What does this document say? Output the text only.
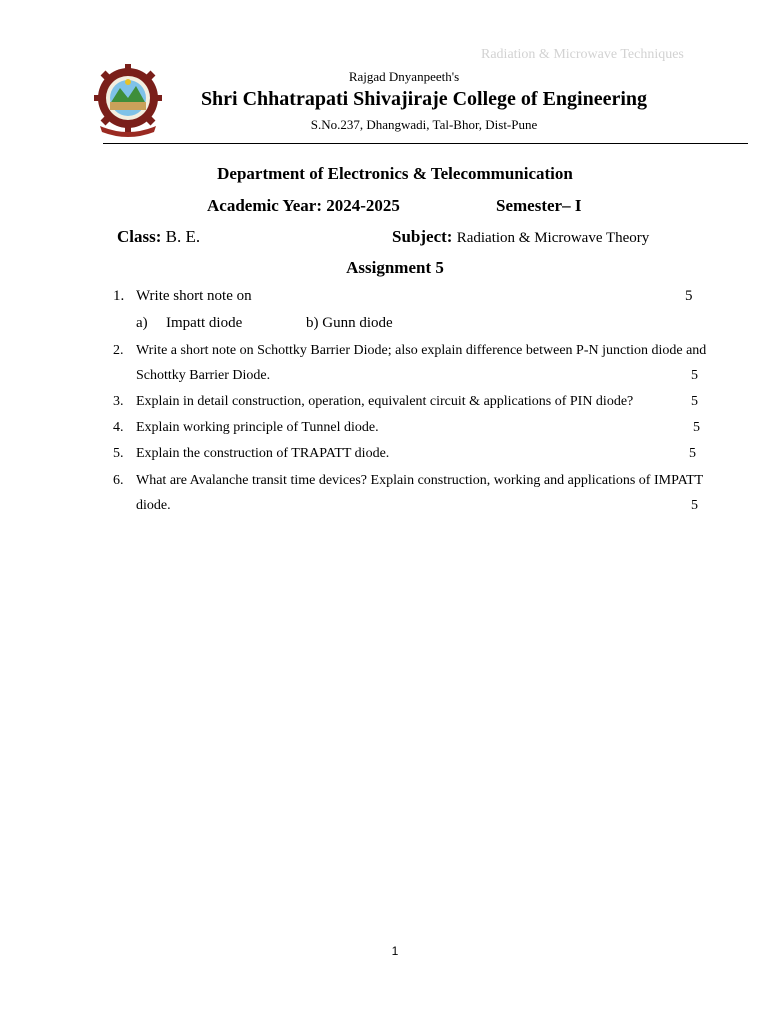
Radiation & Microwave Techniques
Rajgad Dnyanpeeth's
Shri Chhatrapati Shivajiraje College of Engineering
S.No.237, Dhangwadi, Tal-Bhor, Dist-Pune
Department of Electronics & Telecommunication
Academic Year: 2024-2025	Semester– I
Class: B. E.	Subject: Radiation & Microwave Theory
Assignment 5
1. Write short note on	5
a) Impatt diode	b) Gunn diode
2. Write a short note on Schottky Barrier Diode; also explain difference between P-N junction diode and
Schottky Barrier Diode.	5
3. Explain in detail construction, operation, equivalent circuit & applications of PIN diode?	5
4. Explain working principle of Tunnel diode.	5
5. Explain the construction of TRAPATT diode.	5
6. What are Avalanche transit time devices? Explain construction, working and applications of IMPATT
diode.	5
1
